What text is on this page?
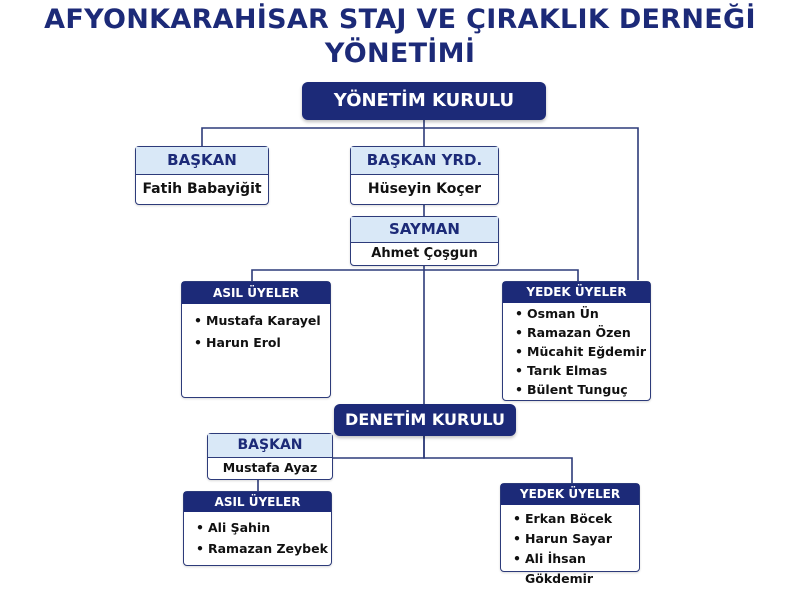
AFYONKARAHİSAR STAJ VE ÇIRAKLIK DERNEĞİ
YÖNETİMİ
YÖNETİM KURULU
BAŞKAN
Fatih Babayiğit
BAŞKAN YRD.
Hüseyin Koçer
SAYMAN
Ahmet Çoşgun
ASIL ÜYELER
• Mustafa Karayel
• Harun Erol
YEDEK ÜYELER
• Osman Ün
• Ramazan Özen
• Mücahit Eğdemir
• Tarık Elmas
• Bülent Tunguç
DENETİM KURULU
BAŞKAN
Mustafa Ayaz
ASIL ÜYELER
• Ali Şahin
• Ramazan Zeybek
YEDEK ÜYELER
• Erkan Böcek
• Harun Sayar
• Ali İhsan Gökdemir
